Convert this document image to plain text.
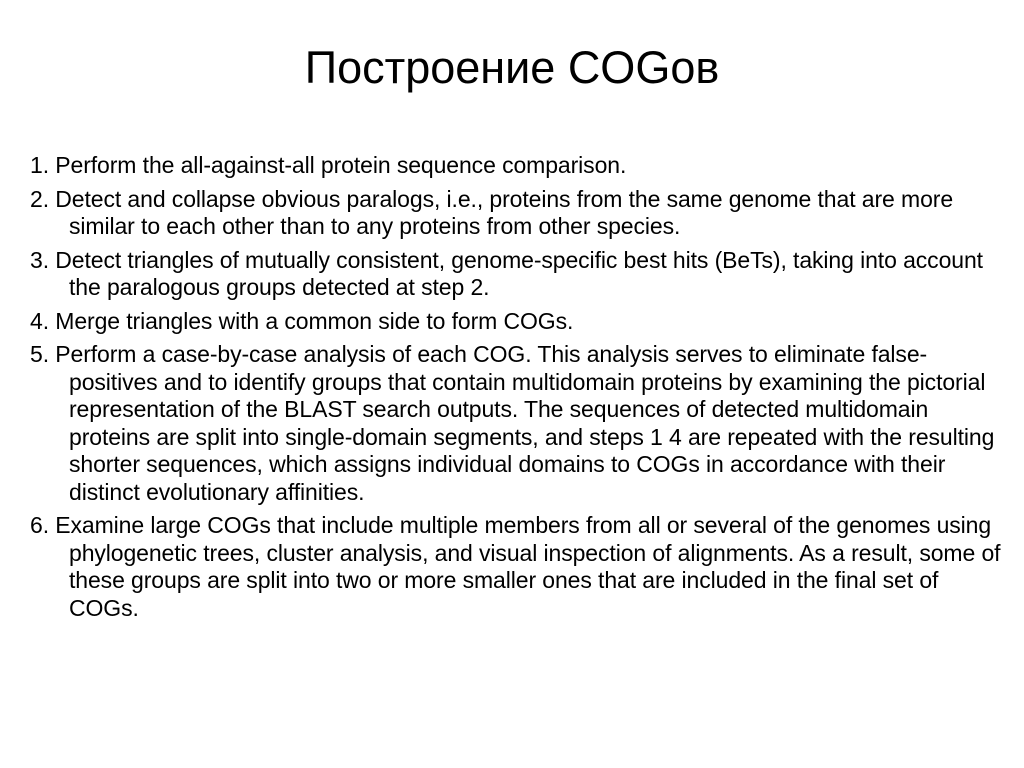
Построение COGов
1. Perform the all-against-all protein sequence comparison.
2. Detect and collapse obvious paralogs, i.e., proteins from the same genome that are more similar to each other than to any proteins from other species.
3. Detect triangles of mutually consistent, genome-specific best hits (BeTs), taking into account the paralogous groups detected at step 2.
4. Merge triangles with a common side to form COGs.
5. Perform a case-by-case analysis of each COG. This analysis serves to eliminate false-positives and to identify groups that contain multidomain proteins by examining the pictorial representation of the BLAST search outputs. The sequences of detected multidomain proteins are split into single-domain segments, and steps 1 4 are repeated with the resulting shorter sequences, which assigns individual domains to COGs in accordance with their distinct evolutionary affinities.
6. Examine large COGs that include multiple members from all or several of the genomes using phylogenetic trees, cluster analysis, and visual inspection of alignments. As a result, some of these groups are split into two or more smaller ones that are included in the final set of COGs.
